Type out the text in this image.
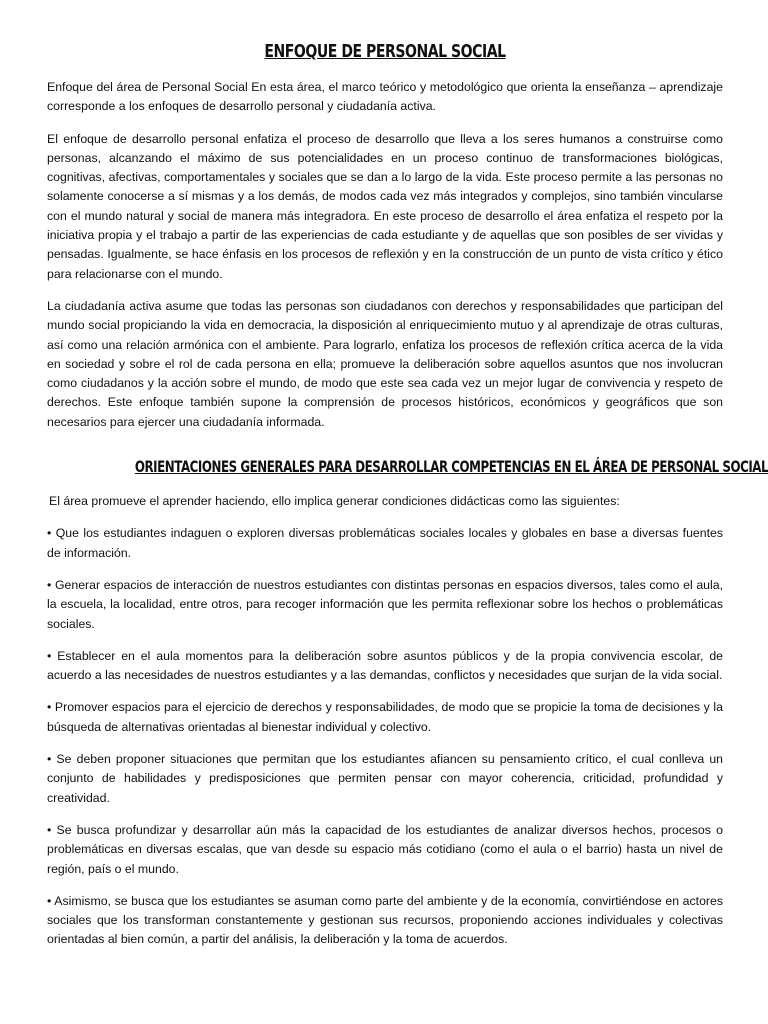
ENFOQUE DE PERSONAL SOCIAL

Enfoque del área de Personal Social En esta área, el marco teórico y metodológico que orienta la enseñanza – aprendizaje corresponde a los enfoques de desarrollo personal y ciudadanía activa.

El enfoque de desarrollo personal enfatiza el proceso de desarrollo que lleva a los seres humanos a construirse como personas, alcanzando el máximo de sus potencialidades en un proceso continuo de transformaciones biológicas, cognitivas, afectivas, comportamentales y sociales que se dan a lo largo de la vida. Este proceso permite a las personas no solamente conocerse a sí mismas y a los demás, de modos cada vez más integrados y complejos, sino también vincularse con el mundo natural y social de manera más integradora. En este proceso de desarrollo el área enfatiza el respeto por la iniciativa propia y el trabajo a partir de las experiencias de cada estudiante y de aquellas que son posibles de ser vividas y pensadas. Igualmente, se hace énfasis en los procesos de reflexión y en la construcción de un punto de vista crítico y ético para relacionarse con el mundo.

La ciudadanía activa asume que todas las personas son ciudadanos con derechos y responsabilidades que participan del mundo social propiciando la vida en democracia, la disposición al enriquecimiento mutuo y al aprendizaje de otras culturas, así como una relación armónica con el ambiente. Para lograrlo, enfatiza los procesos de reflexión crítica acerca de la vida en sociedad y sobre el rol de cada persona en ella; promueve la deliberación sobre aquellos asuntos que nos involucran como ciudadanos y la acción sobre el mundo, de modo que este sea cada vez un mejor lugar de convivencia y respeto de derechos. Este enfoque también supone la comprensión de procesos históricos, económicos y geográficos que son necesarios para ejercer una ciudadanía informada.

ORIENTACIONES GENERALES PARA DESARROLLAR COMPETENCIAS EN EL ÁREA DE PERSONAL SOCIAL

El área promueve el aprender haciendo, ello implica generar condiciones didácticas como las siguientes:

• Que los estudiantes indaguen o exploren diversas problemáticas sociales locales y globales en base a diversas fuentes de información.

• Generar espacios de interacción de nuestros estudiantes con distintas personas en espacios diversos, tales como el aula, la escuela, la localidad, entre otros, para recoger información que les permita reflexionar sobre los hechos o problemáticas sociales.

• Establecer en el aula momentos para la deliberación sobre asuntos públicos y de la propia convivencia escolar, de acuerdo a las necesidades de nuestros estudiantes y a las demandas, conflictos y necesidades que surjan de la vida social.

• Promover espacios para el ejercicio de derechos y responsabilidades, de modo que se propicie la toma de decisiones y la búsqueda de alternativas orientadas al bienestar individual y colectivo.

• Se deben proponer situaciones que permitan que los estudiantes afiancen su pensamiento crítico, el cual conlleva un conjunto de habilidades y predisposiciones que permiten pensar con mayor coherencia, criticidad, profundidad y creatividad.

• Se busca profundizar y desarrollar aún más la capacidad de los estudiantes de analizar diversos hechos, procesos o problemáticas en diversas escalas, que van desde su espacio más cotidiano (como el aula o el barrio) hasta un nivel de región, país o el mundo.

• Asimismo, se busca que los estudiantes se asuman como parte del ambiente y de la economía, convirtiéndose en actores sociales que los transforman constantemente y gestionan sus recursos, proponiendo acciones individuales y colectivas orientadas al bien común, a partir del análisis, la deliberación y la toma de acuerdos.
